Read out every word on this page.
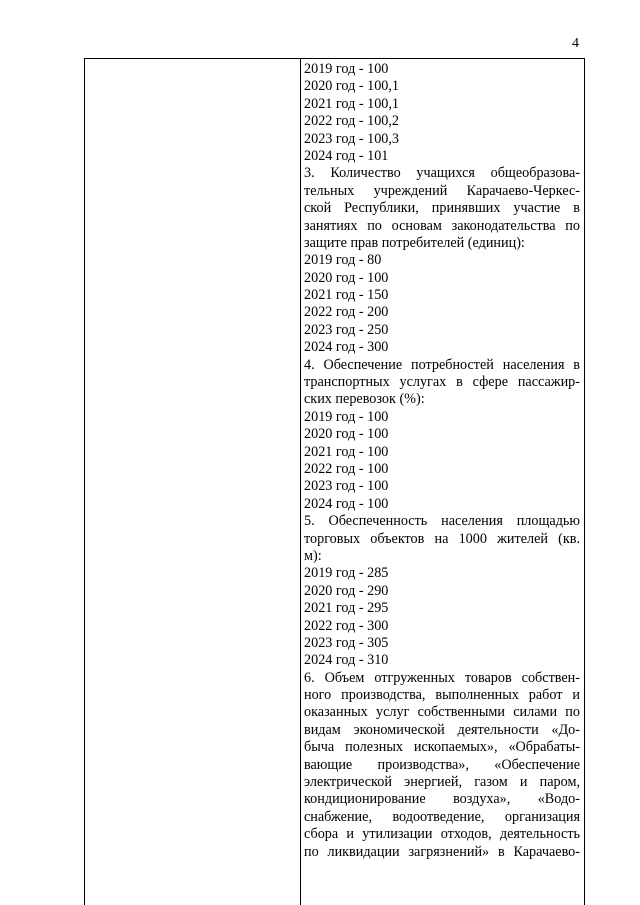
4
2019 год - 100
2020 год - 100,1
2021 год - 100,1
2022 год - 100,2
2023 год - 100,3
2024 год - 101
3. Количество учащихся общеобразова-
тельных учреждений Карачаево-Черкес-
ской Республики, принявших участие в
занятиях по основам законодательства по
защите прав потребителей (единиц):
2019 год - 80
2020 год - 100
2021 год - 150
2022 год - 200
2023 год - 250
2024 год - 300
4. Обеспечение потребностей населения в
транспортных услугах в сфере пассажир-
ских перевозок (%):
2019 год - 100
2020 год - 100
2021 год - 100
2022 год - 100
2023 год - 100
2024 год - 100
5. Обеспеченность населения площадью
торговых объектов на 1000 жителей (кв.
м):
2019 год - 285
2020 год - 290
2021 год - 295
2022 год - 300
2023 год - 305
2024 год - 310
6. Объем отгруженных товаров собствен-
ного производства, выполненных работ и
оказанных услуг собственными силами по
видам экономической деятельности «До-
быча полезных ископаемых», «Обрабаты-
вающие производства», «Обеспечение
электрической энергией, газом и паром,
кондиционирование воздуха», «Водо-
снабжение, водоотведение, организация
сбора и утилизации отходов, деятельность
по ликвидации загрязнений» в Карачаево-
